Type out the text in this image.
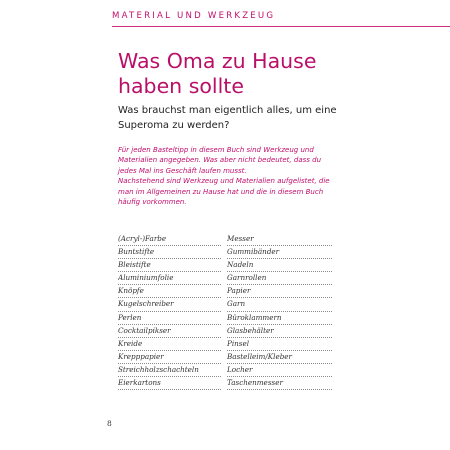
MATERIAL UND WERKZEUG
Was Oma zu Hause
haben sollte

Was brauchst man eigentlich alles, um eine Superoma zu werden?

Für jeden Basteltipp in diesem Buch sind Werkzeug und Materialien angegeben. Was aber nicht bedeutet, dass du jedes Mal ins Geschäft laufen musst.

Nachstehend sind Werkzeug und Materialien aufgelistet, die man im Allgemeinen zu Hause hat und die in diesem Buch häufig vorkommen.

(Acryl-)Farbe	Messer
Buntstifte	Gummibänder
Bleistifte	Nadeln
Aluminiumfolie	Garnrollen
Knöpfe	Papier
Kugelschreiber	Garn
Perlen	Büroklammern
Cocktailpikser	Glasbehälter
Kreide	Pinsel
Krepppapier	Bastelleim/Kleber
Streichholzschachteln	Locher
Eierkartons	Taschenmesser
8
